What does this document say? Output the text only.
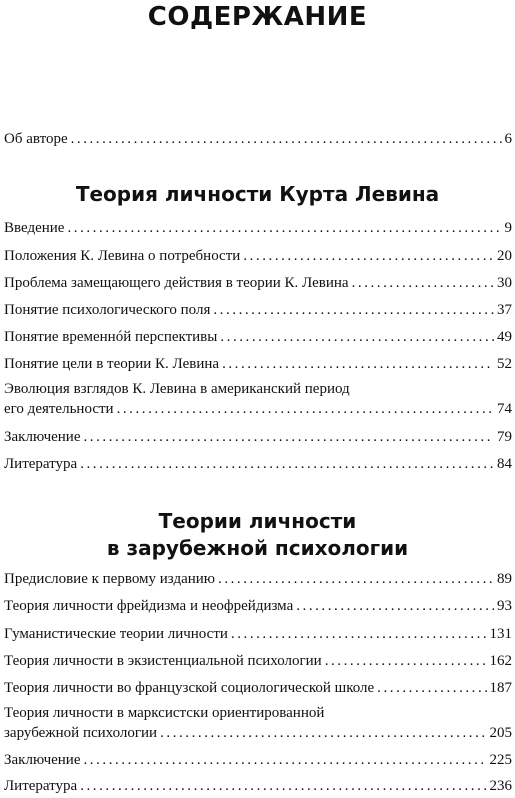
СОДЕРЖАНИЕ
Об авторе . . .	6
Теория личности Курта Левина
Введение . . .	9
Положения К. Левина о потребности . . .	20
Проблема замещающего действия в теории К. Левина . . .	30
Понятие психологического поля . . .	37
Понятие временнóй перспективы . . .	49
Понятие цели в теории К. Левина . . .	52
Эволюция взглядов К. Левина в американский период
его деятельности . . .	74
Заключение . . .	79
Литература . . .	84
Теории личности
в зарубежной психологии
Предисловие к первому изданию . . .	89
Теория личности фрейдизма и неофрейдизма . . .	93
Гуманистические теории личности . . .	131
Теория личности в экзистенциальной психологии . . .	162
Теория личности во французской социологической школе . . .	187
Теория личности в марксистски ориентированной
зарубежной психологии . . .	205
Заключение . . .	225
Литература . . .	236
